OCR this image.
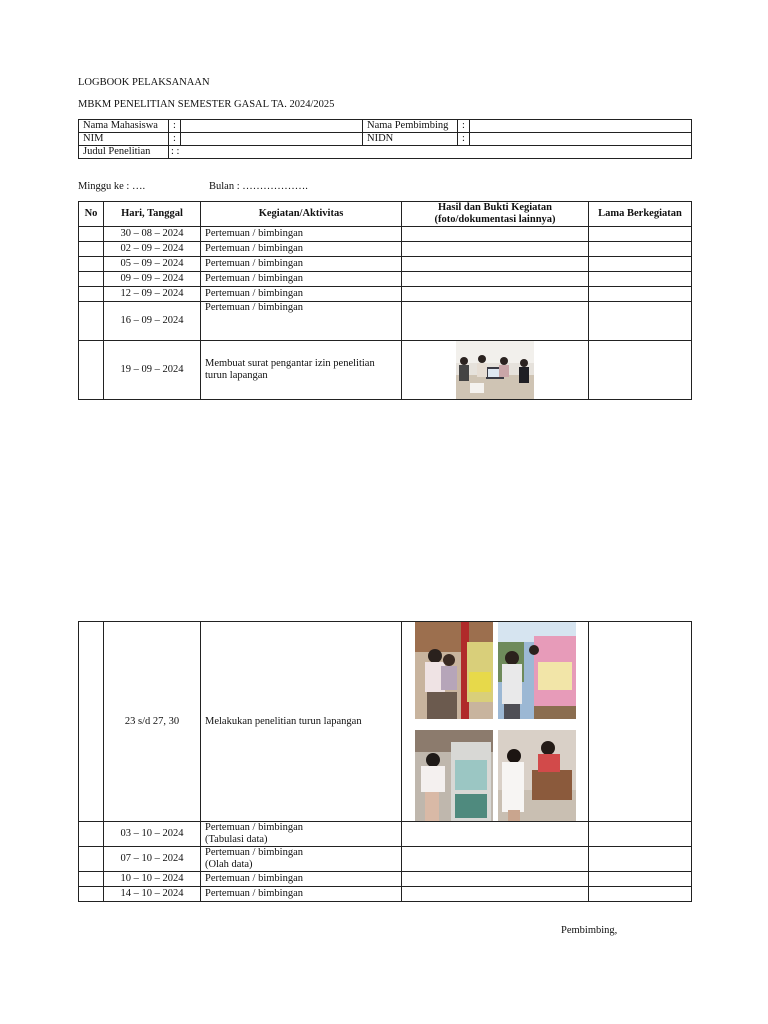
LOGBOOK PELAKSANAAN
MBKM PENELITIAN SEMESTER GASAL TA. 2024/2025
Nama Mahasiswa	:		Nama Pembimbing	:	
NIM	:		NIDN	:	
Judul Penelitian	: :				
Minggu ke : ….	Bulan : ……………….
No	Hari, Tanggal	Kegiatan/Aktivitas	Hasil dan Bukti Kegiatan
(foto/dokumentasi lainnya)	Lama Berkegiatan
	30 – 08 – 2024	Pertemuan / bimbingan		
	02 – 09 – 2024	Pertemuan / bimbingan		
	05 – 09 – 2024	Pertemuan / bimbingan		
	09 – 09 – 2024	Pertemuan / bimbingan		
	12 – 09 – 2024	Pertemuan / bimbingan		
	16 – 09 – 2024	Pertemuan / bimbingan		
	19 – 09 – 2024	Membuat surat pengantar izin penelitian
turun lapangan

	23 s/d 27, 30	Melakukan penelitian turun lapangan	

	03 – 10 – 2024	Pertemuan / bimbingan
(Tabulasi data)		

	07 – 10 – 2024	Pertemuan / bimbingan
(Olah data)		

	10 – 10 – 2024	Pertemuan / bimbingan		
	14 – 10 – 2024	Pertemuan / bimbingan		
Pembimbing,
